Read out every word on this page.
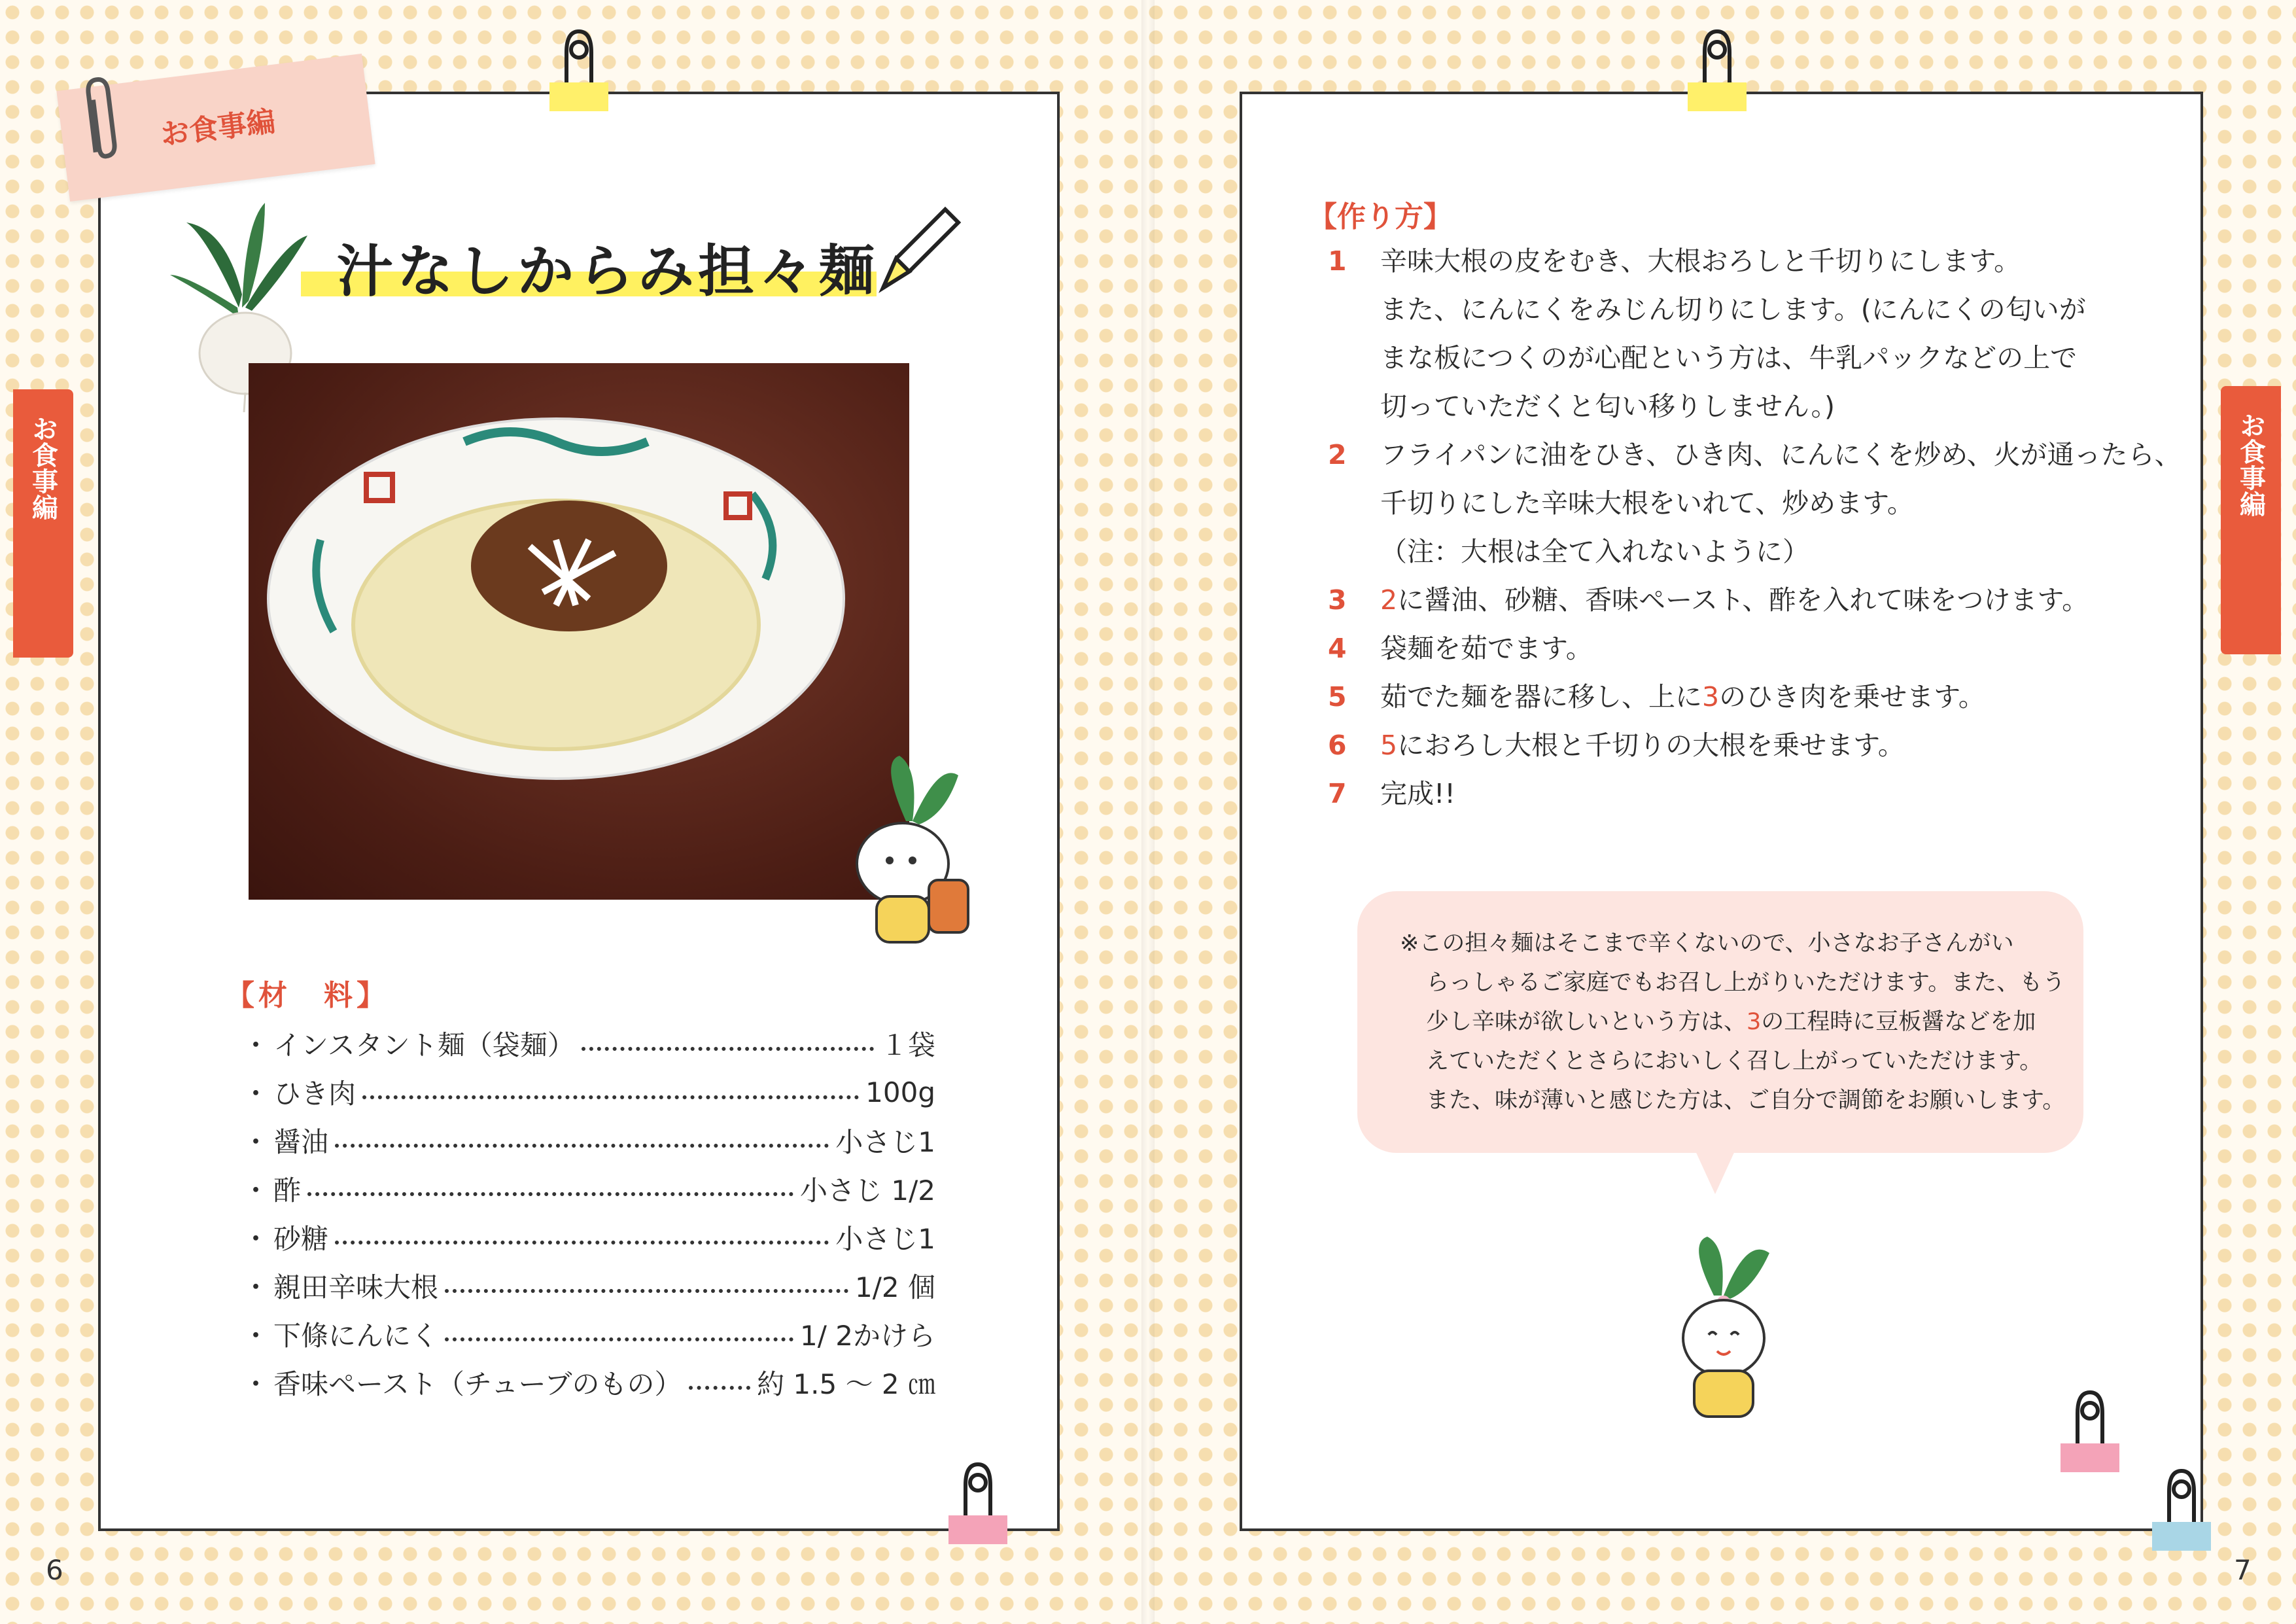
お食事編
お食事編
汁なしからみ担々麺
【材　料】
・ インスタント麺（袋麺）	１袋
・ ひき肉	100g
・ 醤油	小さじ1
・ 酢	小さじ 1/2
・ 砂糖	小さじ1
・ 親田辛味大根	1/2 個
・ 下條にんにく	1/ 2かけら
・ 香味ペースト（チューブのもの）	約 1.5 ～ 2 ㎝
6
お食事編
【作り方】
1	辛味大根の皮をむき、大根おろしと千切りにします。
また、にんにくをみじん切りにします。(にんにくの匂いが
まな板につくのが心配という方は、牛乳パックなどの上で
切っていただくと匂い移りしません。)
2	フライパンに油をひき、ひき肉、にんにくを炒め、火が通ったら、
千切りにした辛味大根をいれて、炒めます。
（注：大根は全て入れないように）
3	2に醤油、砂糖、香味ペースト、酢を入れて味をつけます。
4	袋麺を茹でます。
5	茹でた麺を器に移し、上に3のひき肉を乗せます。
6	5におろし大根と千切りの大根を乗せます。
7	完成!!
※この担々麺はそこまで辛くないので、小さなお子さんがい
らっしゃるご家庭でもお召し上がりいただけます。また、もう
少し辛味が欲しいという方は、3の工程時に豆板醤などを加
えていただくとさらにおいしく召し上がっていただけます。
また、味が薄いと感じた方は、ご自分で調節をお願いします。
7
